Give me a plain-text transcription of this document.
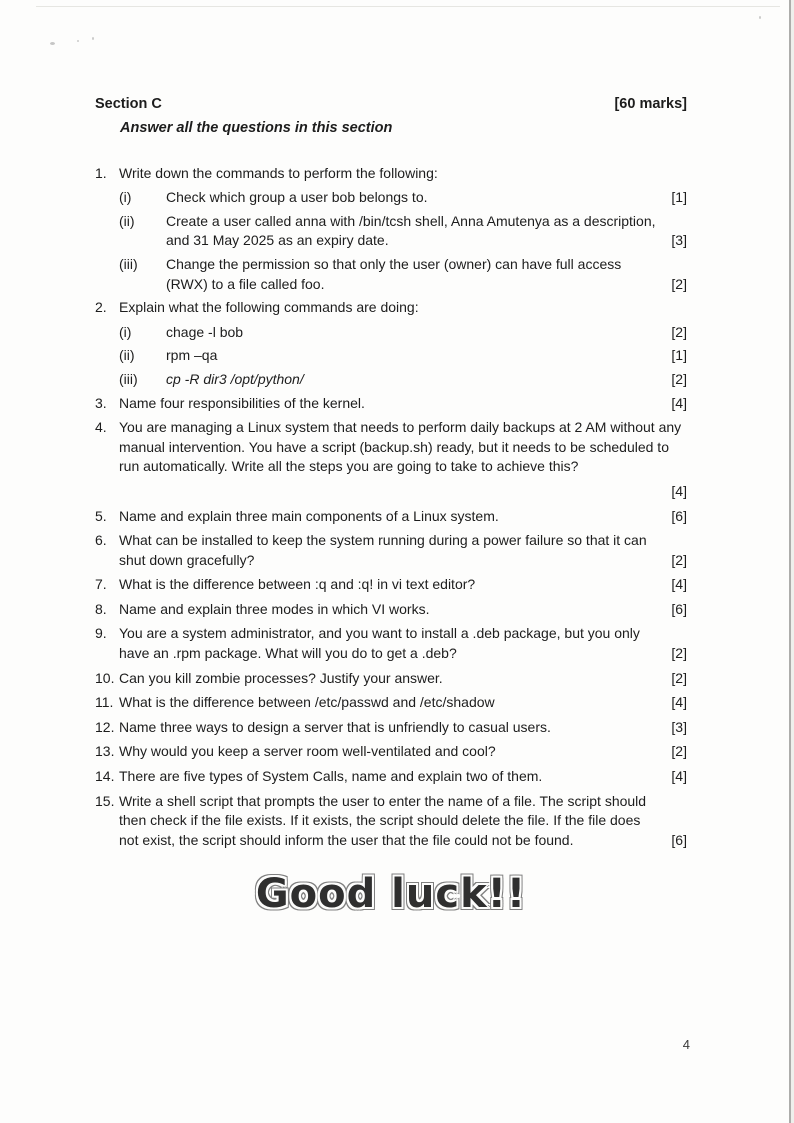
Section C	[60 marks]
Answer all the questions in this section
1. Write down the commands to perform the following:
(i)	Check which group a user bob belongs to.	[1]
(ii)	Create a user called anna with /bin/tcsh shell, Anna Amutenya as a description, and 31 May 2025 as an expiry date.	[3]
(iii)	Change the permission so that only the user (owner) can have full access (RWX) to a file called foo.	[2]
2. Explain what the following commands are doing:
(i)	chage -l bob	[2]
(ii)	rpm –qa	[1]
(iii)	cp -R dir3 /opt/python/	[2]
3. Name four responsibilities of the kernel.	[4]
4. You are managing a Linux system that needs to perform daily backups at 2 AM without any manual intervention. You have a script (backup.sh) ready, but it needs to be scheduled to run automatically. Write all the steps you are going to take to achieve this?
[4]
5. Name and explain three main components of a Linux system.	[6]
6. What can be installed to keep the system running during a power failure so that it can shut down gracefully?	[2]
7. What is the difference between :q and :q! in vi text editor?	[4]
8. Name and explain three modes in which VI works.	[6]
9. You are a system administrator, and you want to install a .deb package, but you only have an .rpm package. What will you do to get a .deb?	[2]
10. Can you kill zombie processes? Justify your answer.	[2]
11. What is the difference between /etc/passwd and /etc/shadow	[4]
12. Name three ways to design a server that is unfriendly to casual users.	[3]
13. Why would you keep a server room well-ventilated and cool?	[2]
14. There are five types of System Calls, name and explain two of them.	[4]
15. Write a shell script that prompts the user to enter the name of a file. The script should then check if the file exists. If it exists, the script should delete the file. If the file does not exist, the script should inform the user that the file could not be found.	[6]
Good luck!!
4
